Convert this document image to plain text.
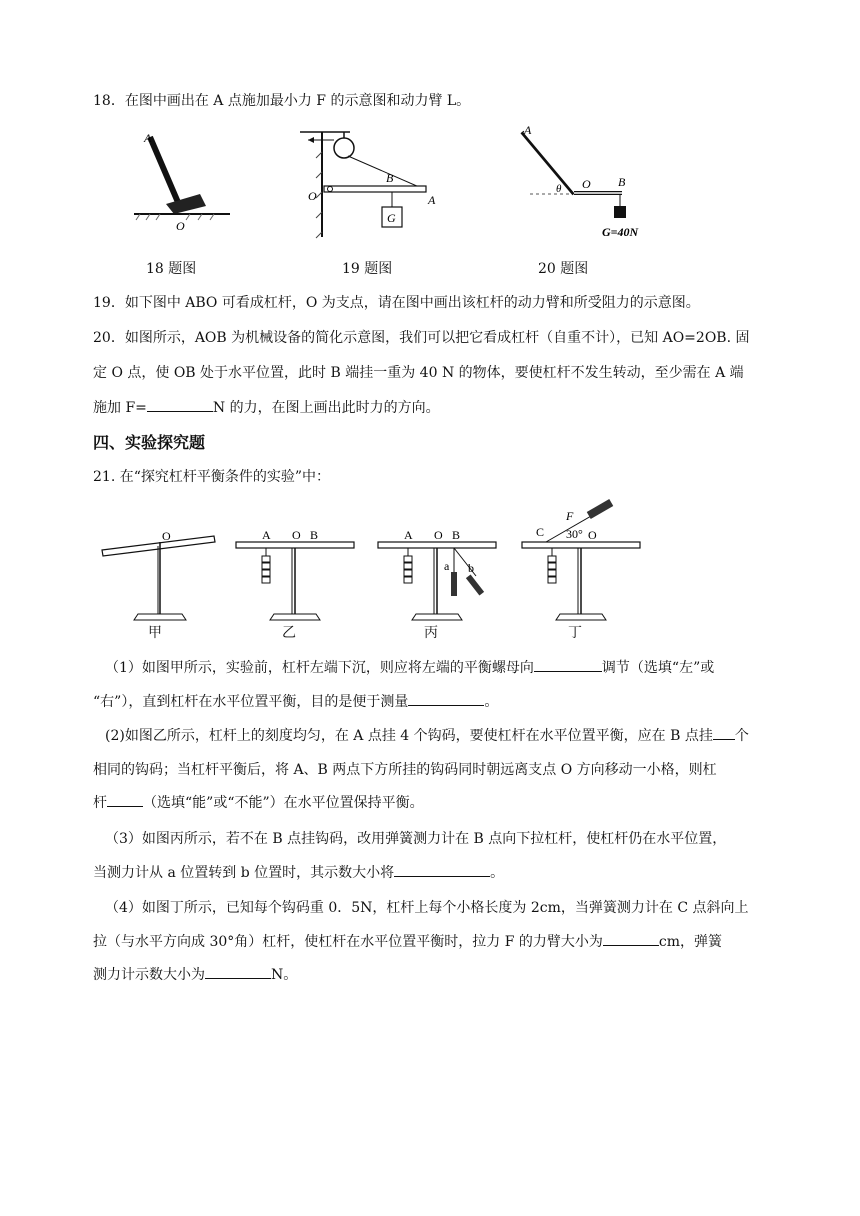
18．在图中画出在 A 点施加最小力 F 的示意图和动力臂 L。
A
O
O
B
A
G
A
θ O B
G=40N
18 题图	19 题图	20 题图
19．如下图中 ABO 可看成杠杆，O 为支点，请在图中画出该杠杆的动力臂和所受阻力的示意图。
20．如图所示，AOB 为机械设备的简化示意图，我们可以把它看成杠杆（自重不计），已知 AO=2OB. 固
定 O 点，使 OB 处于水平位置，此时 B 端挂一重为 40 N 的物体，要使杠杆不发生转动，至少需在 A 端
施加 F=	N 的力，在图上画出此时力的方向。
四、实验探究题
21. 在“探究杠杆平衡条件的实验”中：
O	A O B	A O B
a b
C
F
30° O
甲	乙	丙	丁
（1）如图甲所示，实验前，杠杆左端下沉，则应将左端的平衡螺母向	调节（选填“左”或
“右”），直到杠杆在水平位置平衡，目的是便于测量	。
(2)如图乙所示，杠杆上的刻度均匀，在 A 点挂 4 个钩码，要使杠杆在水平位置平衡，应在 B 点挂 个
相同的钩码；当杠杆平衡后，将 A、B 两点下方所挂的钩码同时朝远离支点 O 方向移动一小格，则杠
杆	（选填“能”或“不能”）在水平位置保持平衡。
（3）如图丙所示，若不在 B 点挂钩码，改用弹簧测力计在 B 点向下拉杠杆，使杠杆仍在水平位置，
当测力计从 a 位置转到 b 位置时，其示数大小将	。
（4）如图丁所示，已知每个钩码重 0．5N，杠杆上每个小格长度为 2cm，当弹簧测力计在 C 点斜向上
拉（与水平方向成 30°角）杠杆，使杠杆在水平位置平衡时，拉力 F 的力臂大小为	cm，弹簧
测力计示数大小为	N。
